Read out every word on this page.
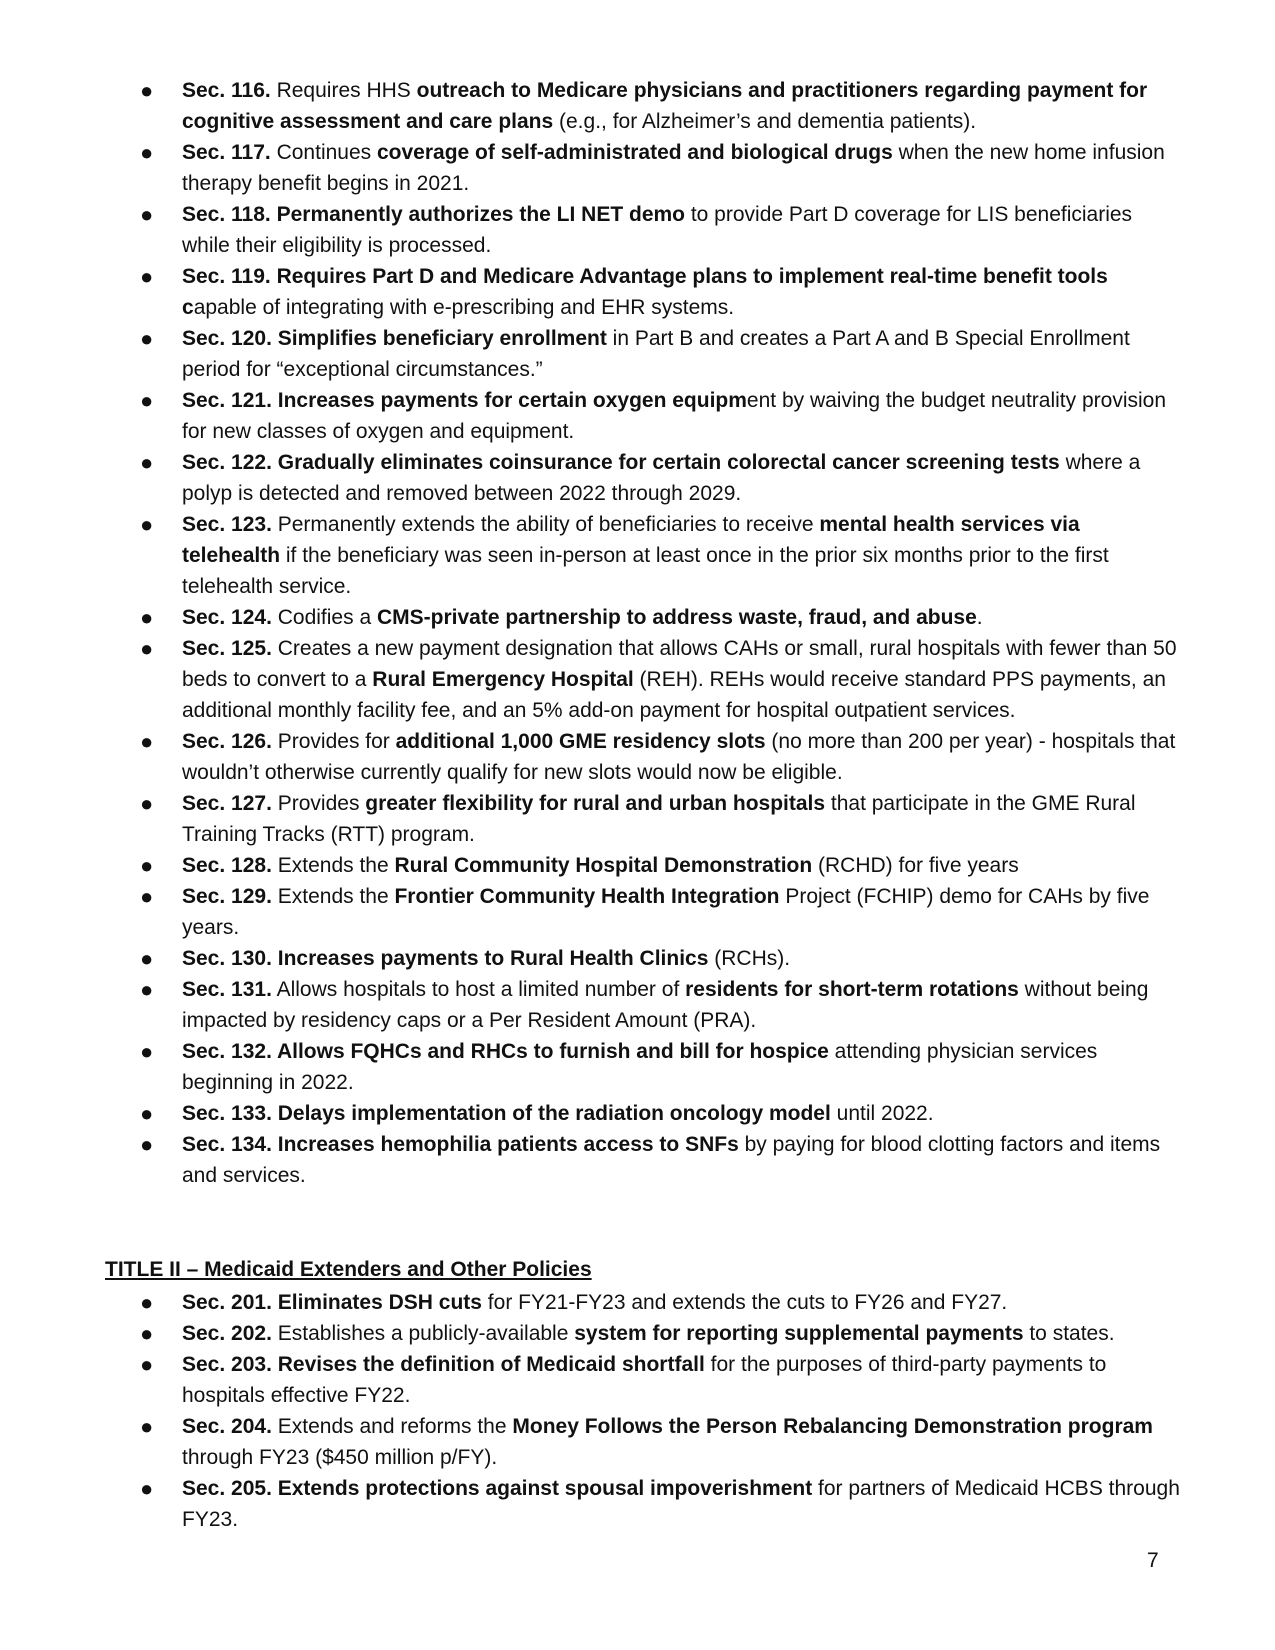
●	Sec. 116. Requires HHS outreach to Medicare physicians and practitioners regarding payment for cognitive assessment and care plans (e.g., for Alzheimer’s and dementia patients).
●	Sec. 117. Continues coverage of self-administrated and biological drugs when the new home infusion therapy benefit begins in 2021.
●	Sec. 118. Permanently authorizes the LI NET demo to provide Part D coverage for LIS beneficiaries while their eligibility is processed.
●	Sec. 119. Requires Part D and Medicare Advantage plans to implement real-time benefit tools capable of integrating with e-prescribing and EHR systems.
●	Sec. 120. Simplifies beneficiary enrollment in Part B and creates a Part A and B Special Enrollment period for “exceptional circumstances.”
●	Sec. 121. Increases payments for certain oxygen equipment by waiving the budget neutrality provision for new classes of oxygen and equipment.
●	Sec. 122. Gradually eliminates coinsurance for certain colorectal cancer screening tests where a polyp is detected and removed between 2022 through 2029.
●	Sec. 123. Permanently extends the ability of beneficiaries to receive mental health services via telehealth if the beneficiary was seen in-person at least once in the prior six months prior to the first telehealth service.
●	Sec. 124. Codifies a CMS-private partnership to address waste, fraud, and abuse.
●	Sec. 125. Creates a new payment designation that allows CAHs or small, rural hospitals with fewer than 50 beds to convert to a Rural Emergency Hospital (REH). REHs would receive standard PPS payments, an additional monthly facility fee, and an 5% add-on payment for hospital outpatient services.
●	Sec. 126. Provides for additional 1,000 GME residency slots (no more than 200 per year) - hospitals that wouldn’t otherwise currently qualify for new slots would now be eligible.
●	Sec. 127. Provides greater flexibility for rural and urban hospitals that participate in the GME Rural Training Tracks (RTT) program.
●	Sec. 128. Extends the Rural Community Hospital Demonstration (RCHD) for five years
●	Sec. 129. Extends the Frontier Community Health Integration Project (FCHIP) demo for CAHs by five years.
●	Sec. 130. Increases payments to Rural Health Clinics (RCHs).
●	Sec. 131. Allows hospitals to host a limited number of residents for short-term rotations without being impacted by residency caps or a Per Resident Amount (PRA).
●	Sec. 132. Allows FQHCs and RHCs to furnish and bill for hospice attending physician services beginning in 2022.
●	Sec. 133. Delays implementation of the radiation oncology model until 2022.
●	Sec. 134. Increases hemophilia patients access to SNFs by paying for blood clotting factors and items and services.
TITLE II – Medicaid Extenders and Other Policies
●	Sec. 201. Eliminates DSH cuts for FY21-FY23 and extends the cuts to FY26 and FY27.
●	Sec. 202. Establishes a publicly-available system for reporting supplemental payments to states.
●	Sec. 203. Revises the definition of Medicaid shortfall for the purposes of third-party payments to hospitals effective FY22.
●	Sec. 204. Extends and reforms the Money Follows the Person Rebalancing Demonstration program through FY23 ($450 million p/FY).
●	Sec. 205. Extends protections against spousal impoverishment for partners of Medicaid HCBS through FY23.
7
